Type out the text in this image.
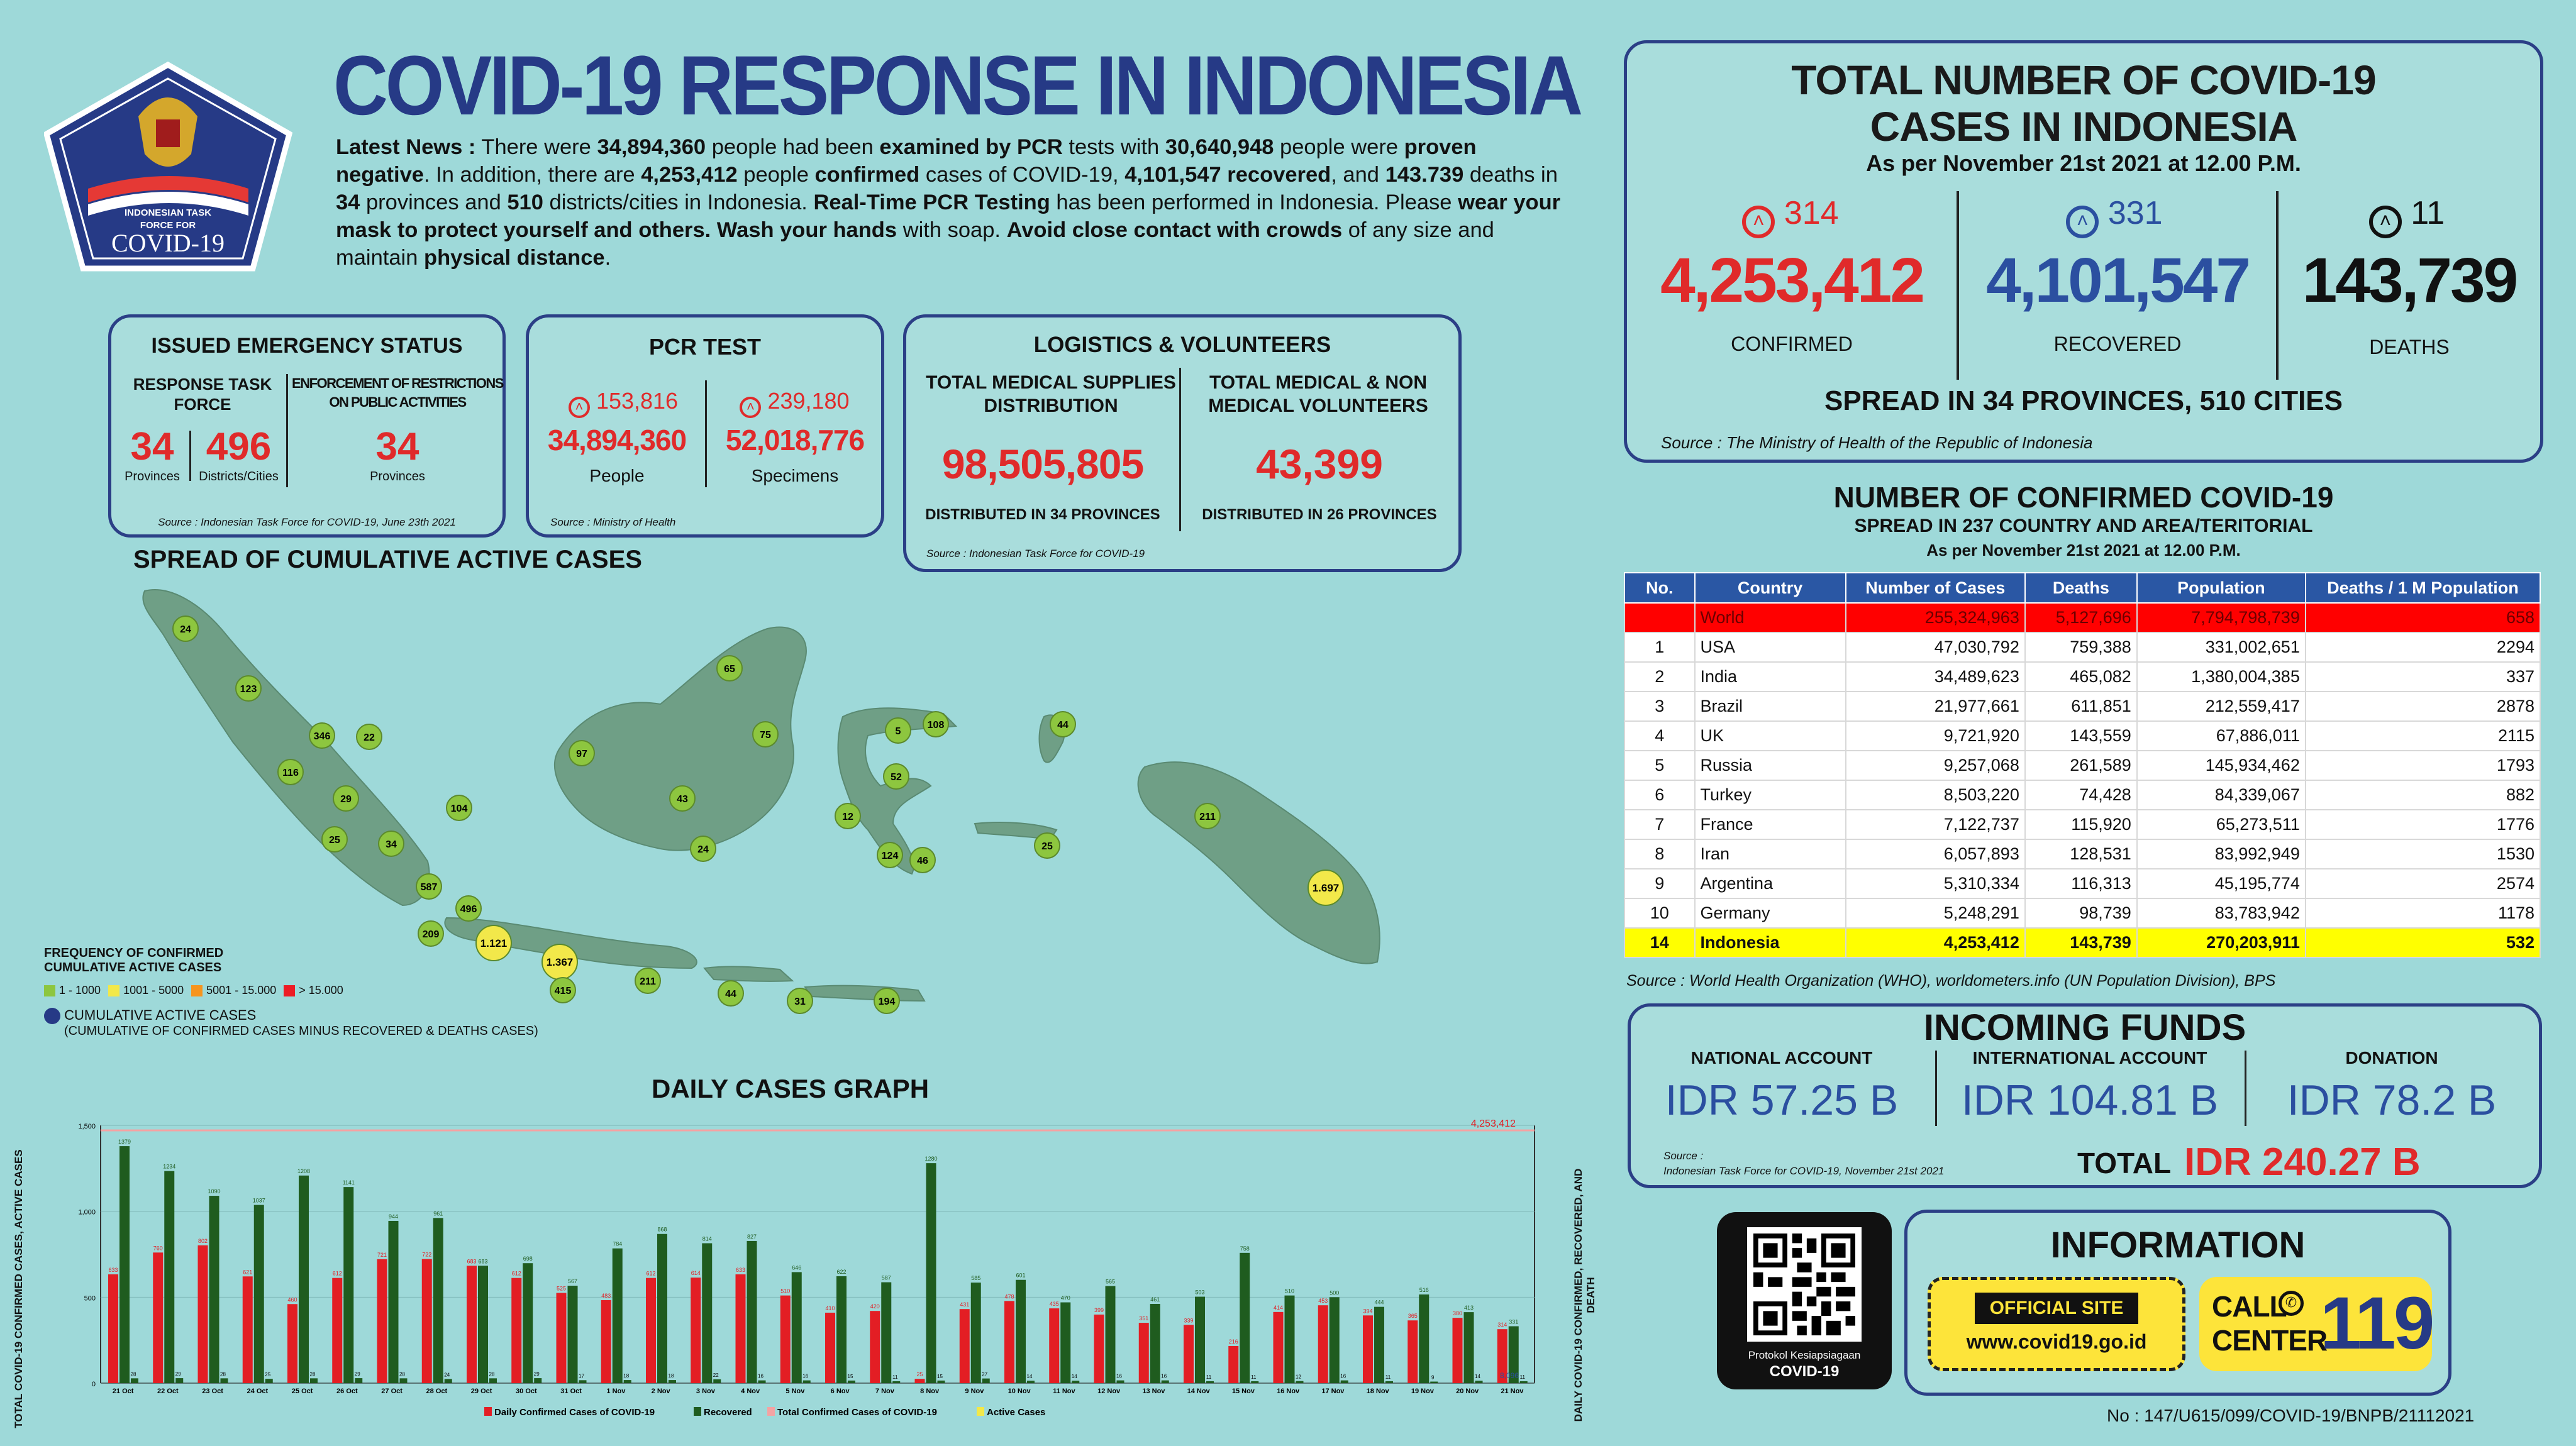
INDONESIAN TASK
FORCE FOR
COVID-19
COVID-19 RESPONSE IN INDONESIA
Latest News : There were 34,894,360 people had been examined by PCR tests with 30,640,948 people were proven negative. In addition, there are 4,253,412 people confirmed cases of COVID-19, 4,101,547 recovered, and 143.739 deaths in 34 provinces and 510 districts/cities in Indonesia. Real-Time PCR Testing has been performed in Indonesia. Please wear your mask to protect yourself and others. Wash your hands with soap. Avoid close contact with crowds of any size and maintain physical distance.
ISSUED EMERGENCY STATUS
RESPONSE TASK FORCE
ENFORCEMENT OF RESTRICTIONS ON PUBLIC ACTIVITIES
34 496	34
Provinces	Districts/Cities	Provinces
Source : Indonesian Task Force for COVID-19, June 23th 2021
PCR TEST
˄ 153,816	˄ 239,180
34,894,360	52,018,776
People	Specimens
Source : Ministry of Health
LOGISTICS & VOLUNTEERS
TOTAL MEDICAL SUPPLIES DISTRIBUTION
TOTAL MEDICAL & NON MEDICAL VOLUNTEERS
98,505,805	43,399
DISTRIBUTED IN 34 PROVINCES	DISTRIBUTED IN 26 PROVINCES
Source : Indonesian Task Force for COVID-19
TOTAL NUMBER OF COVID-19
CASES IN INDONESIA
As per November 21st 2021 at 12.00 P.M.
˄ 314	˄ 331	˄ 11
4,253,412	4,101,547 143,739
CONFIRMED	RECOVERED	DEATHS
SPREAD IN 34 PROVINCES, 510 CITIES
Source : The Ministry of Health of the Republic of Indonesia
NUMBER OF CONFIRMED COVID-19
SPREAD IN 237 COUNTRY AND AREA/TERITORIAL
As per November 21st 2021 at 12.00 P.M.
No.	Country	Number of Cases	Deaths	Population	Deaths / 1 M Population
	World	255,324,963	5,127,696	7,794,798,739	658
1	USA	47,030,792	759,388	331,002,651	2294
2	India	34,489,623	465,082	1,380,004,385	337
3	Brazil	21,977,661	611,851	212,559,417	2878
4	UK	9,721,920	143,559	67,886,011	2115
5	Russia	9,257,068	261,589	145,934,462	1793
6	Turkey	8,503,220	74,428	84,339,067	882
7	France	7,122,737	115,920	65,273,511	1776
8	Iran	6,057,893	128,531	83,992,949	1530
9	Argentina	5,310,334	116,313	45,195,774	2574
10	Germany	5,248,291	98,739	83,783,942	1178
14	Indonesia	4,253,412	143,739	270,203,911	532
Source : World Health Organization (WHO), worldometers.info (UN Population Division), BPS
INCOMING FUNDS
NATIONAL ACCOUNT	INTERNATIONAL ACCOUNT	DONATION
IDR 57.25 B	IDR 104.81 B	IDR 78.2 B
Source :
Indonesian Task Force for COVID-19, November 21st 2021	TOTAL IDR 240.27 B
Protokol Kesiapsiagaan
COVID-19
INFORMATION
OFFICIAL SITE
www.covid19.go.id
CALL
✆
CENTER
119
No : 147/U615/099/COVID-19/BNPB/21112021
SPREAD OF CUMULATIVE ACTIVE CASES
24
123
346	22
116
29
104
25	34
587
496
209
1.121
1.367
415
211
44
31	194
97
65
75
43
24
5
108	44
52
12
124 46
25
211
1.697
FREQUENCY OF CONFIRMED
CUMULATIVE ACTIVE CASES
1 - 1000 1001 - 5000 5001 - 15.000 > 15.000
CUMULATIVE ACTIVE CASES
(CUMULATIVE OF CONFIRMED CASES MINUS RECOVERED & DEATHS CASES)
DAILY CASES GRAPH
TOTAL COVID-19 CONFIRMED CASES, ACTIVE CASES	DAILY COVID-19 CONFIRMED, RECOVERED, AND DEATH
0
500
1,000
1,500	4,253,412
633
1379
28
21 Oct
760
1234
29
22 Oct
802
1090
28
23 Oct
621
1037
25
24 Oct
460
1208
28
25 Oct
612
1141
29
26 Oct
721
944
28
27 Oct
722
961
24
28 Oct
683 683
28
29 Oct
612
698
29
30 Oct
525
567
17
31 Oct
483
784
18
1 Nov
612
868
18
2 Nov
614
814
22
3 Nov
633
827
16
4 Nov
510
646
16
5 Nov
410
622
15
6 Nov
420
587
11
7 Nov
25
1280
15
8 Nov
431
585
27
9 Nov
478
601
14
10 Nov
435
470
14
11 Nov
399
565
16
12 Nov
351
461
16
13 Nov
339
503
11
14 Nov
216
758
11
15 Nov
414
510
12
16 Nov
453
500
16
17 Nov
394
444
11
18 Nov
365
516
9
19 Nov
380
413
14
20 Nov
314 331
11
21 Nov
8,096
Daily Confirmed Cases of COVID-19	Recovered	Total Confirmed Cases of COVID-19	Active Cases
